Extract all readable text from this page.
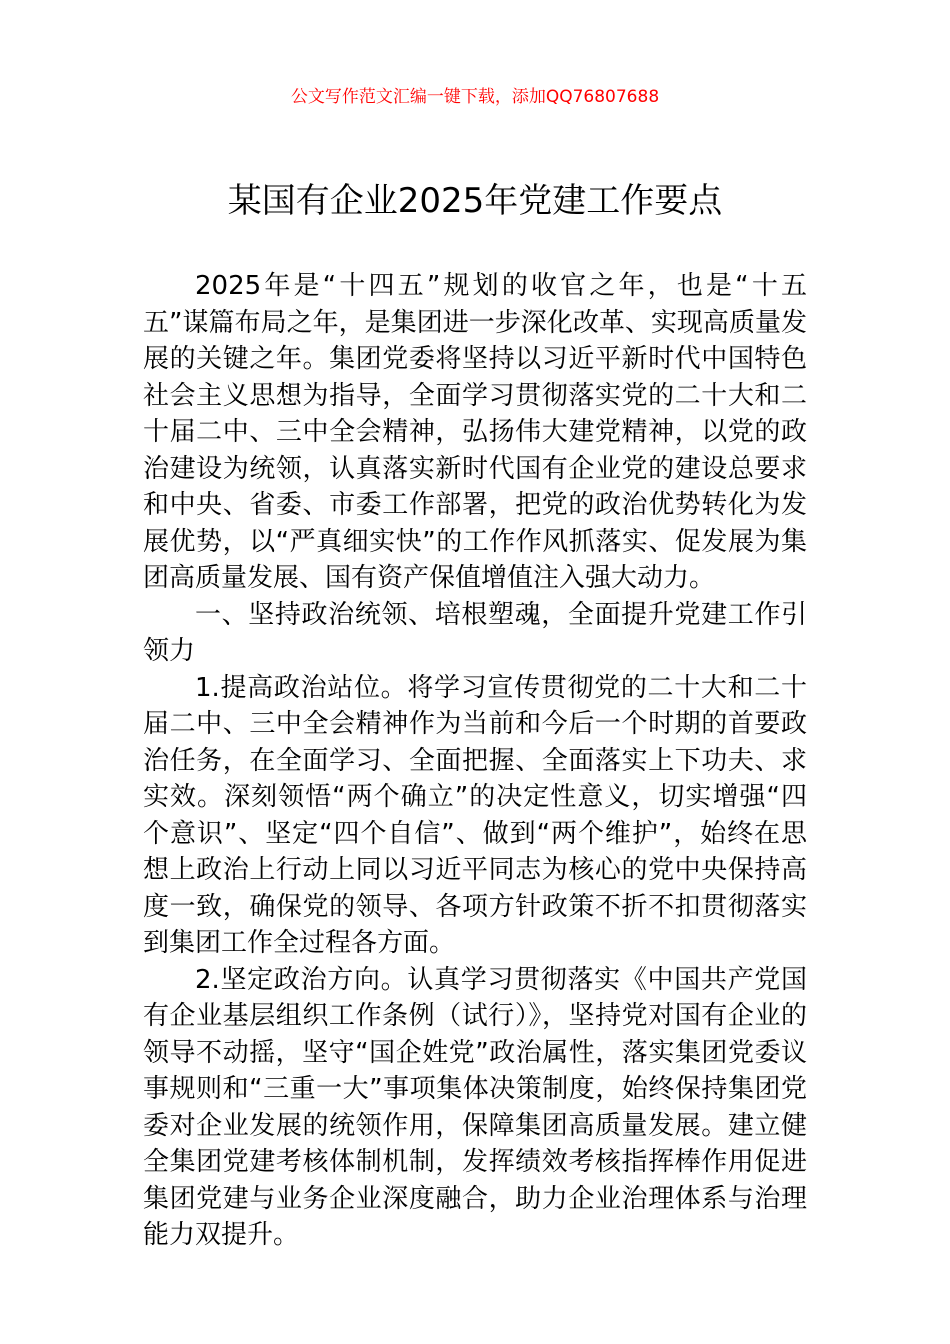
公文写作范文汇编一键下载，添加QQ76807688
某国有企业2025年党建工作要点

2025年是“十四五”规划的收官之年，也是“十五五”谋篇布局之年，是集团进一步深化改革、实现高质量发展的关键之年。集团党委将坚持以习近平新时代中国特色社会主义思想为指导，全面学习贯彻落实党的二十大和二十届二中、三中全会精神，弘扬伟大建党精神，以党的政治建设为统领，认真落实新时代国有企业党的建设总要求和中央、省委、市委工作部署，把党的政治优势转化为发展优势，以“严真细实快”的工作作风抓落实、促发展为集团高质量发展、国有资产保值增值注入强大动力。

一、坚持政治统领、培根塑魂，全面提升党建工作引领力

1.提高政治站位。将学习宣传贯彻党的二十大和二十届二中、三中全会精神作为当前和今后一个时期的首要政治任务，在全面学习、全面把握、全面落实上下功夫、求实效。深刻领悟“两个确立”的决定性意义，切实增强“四个意识”、坚定“四个自信”、做到“两个维护”，始终在思想上政治上行动上同以习近平同志为核心的党中央保持高度一致，确保党的领导、各项方针政策不折不扣贯彻落实到集团工作全过程各方面。

2.坚定政治方向。认真学习贯彻落实《中国共产党国有企业基层组织工作条例（试行）》，坚持党对国有企业的领导不动摇，坚守“国企姓党”政治属性，落实集团党委议事规则和“三重一大”事项集体决策制度，始终保持集团党委对企业发展的统领作用，保障集团高质量发展。建立健全集团党建考核体制机制，发挥绩效考核指挥棒作用促进集团党建与业务企业深度融合，助力企业治理体系与治理能力双提升。
